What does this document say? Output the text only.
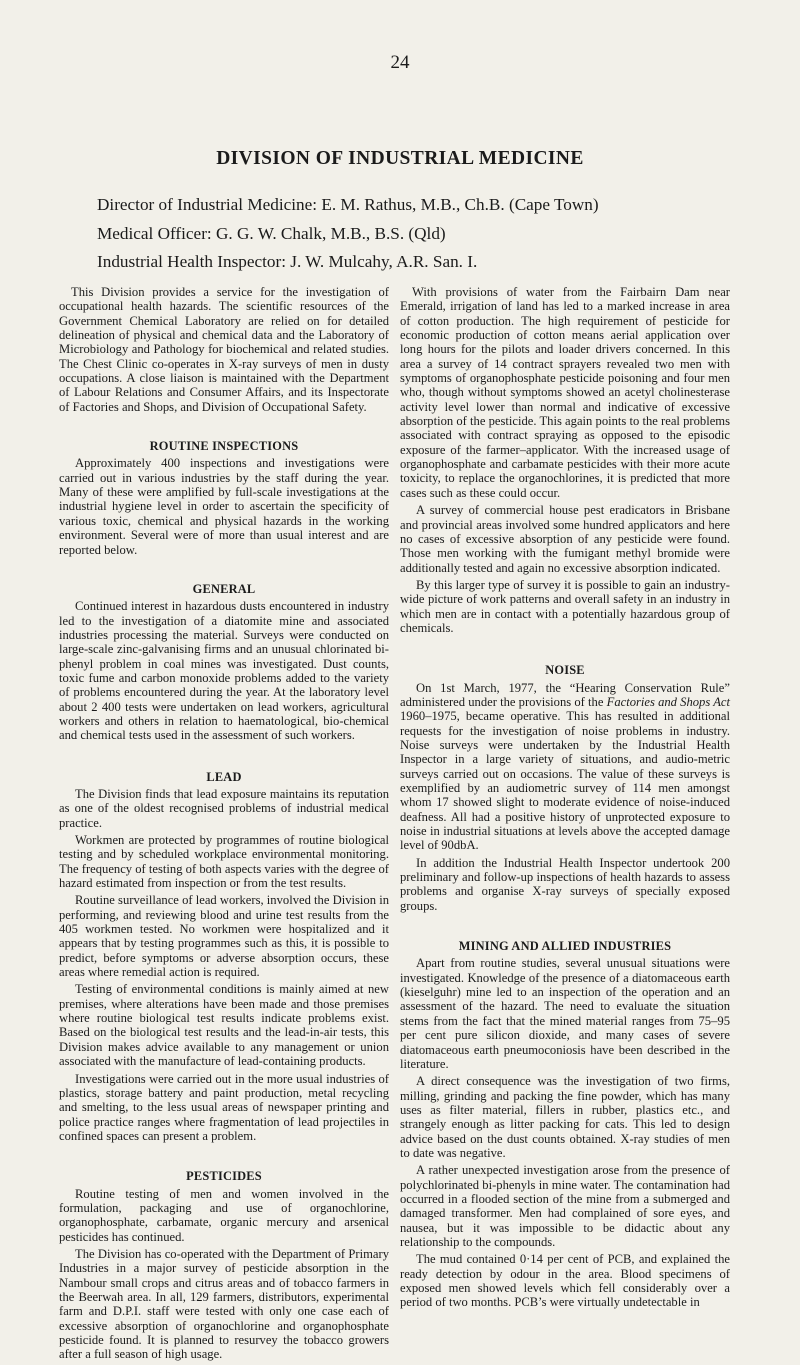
24
DIVISION OF INDUSTRIAL MEDICINE
Director of Industrial Medicine: E. M. Rathus, M.B., Ch.B. (Cape Town)
Medical Officer: G. G. W. Chalk, M.B., B.S. (Qld)
Industrial Health Inspector: J. W. Mulcahy, A.R. San. I.

This Division provides a service for the investigation of occupational health hazards. The scientific resources of the Government Chemical Laboratory are relied on for detailed delineation of physical and chemical data and the Laboratory of Microbiology and Pathology for biochemical and related studies. The Chest Clinic co-operates in X-ray surveys of men in dusty occupations. A close liaison is maintained with the Department of Labour Relations and Consumer Affairs, and its Inspectorate of Factories and Shops, and Division of Occupational Safety.

ROUTINE INSPECTIONS

Approximately 400 inspections and investigations were carried out in various industries by the staff during the year. Many of these were amplified by full-scale investigations at the industrial hygiene level in order to ascertain the specificity of various toxic, chemical and physical hazards in the working environment. Several were of more than usual interest and are reported below.

GENERAL

Continued interest in hazardous dusts encountered in industry led to the investigation of a diatomite mine and associated industries processing the material. Surveys were conducted on large-scale zinc-galvanising firms and an unusual chlorinated bi-phenyl problem in coal mines was investigated. Dust counts, toxic fume and carbon monoxide problems added to the variety of problems encountered during the year. At the laboratory level about 2 400 tests were undertaken on lead workers, agricultural workers and others in relation to haematological, bio-chemical and chemical tests used in the assessment of such workers.

LEAD

The Division finds that lead exposure maintains its reputation as one of the oldest recognised problems of industrial medical practice.

Workmen are protected by programmes of routine biological testing and by scheduled workplace environmental monitoring. The frequency of testing of both aspects varies with the degree of hazard estimated from inspection or from the test results.

Routine surveillance of lead workers, involved the Division in performing, and reviewing blood and urine test results from the 405 workmen tested. No workmen were hospitalized and it appears that by testing programmes such as this, it is possible to predict, before symptoms or adverse absorption occurs, these areas where remedial action is required.

Testing of environmental conditions is mainly aimed at new premises, where alterations have been made and those premises where routine biological test results indicate problems exist. Based on the biological test results and the lead-in-air tests, this Division makes advice available to any management or union associated with the manufacture of lead-containing products.

Investigations were carried out in the more usual industries of plastics, storage battery and paint production, metal recycling and smelting, to the less usual areas of newspaper printing and police practice ranges where fragmentation of lead projectiles in confined spaces can present a problem.

PESTICIDES

Routine testing of men and women involved in the formulation, packaging and use of organochlorine, organophosphate, carbamate, organic mercury and arsenical pesticides has continued.

The Division has co-operated with the Department of Primary Industries in a major survey of pesticide absorption in the Nambour small crops and citrus areas and of tobacco farmers in the Beerwah area. In all, 129 farmers, distributors, experimental farm and D.P.I. staff were tested with only one case each of excessive absorption of organochlorine and organophosphate pesticide found. It is planned to resurvey the tobacco growers after a full season of high usage.

With provisions of water from the Fairbairn Dam near Emerald, irrigation of land has led to a marked increase in area of cotton production. The high requirement of pesticide for economic production of cotton means aerial application over long hours for the pilots and loader drivers concerned. In this area a survey of 14 contract sprayers revealed two men with symptoms of organophosphate pesticide poisoning and four men who, though without symptoms showed an acetyl cholinesterase activity level lower than normal and indicative of excessive absorption of the pesticide. This again points to the real problems associated with contract spraying as opposed to the episodic exposure of the farmer–applicator. With the increased usage of organophosphate and carbamate pesticides with their more acute toxicity, to replace the organochlorines, it is predicted that more cases such as these could occur.

A survey of commercial house pest eradicators in Brisbane and provincial areas involved some hundred applicators and here no cases of excessive absorption of any pesticide were found. Those men working with the fumigant methyl bromide were additionally tested and again no excessive absorption indicated.

By this larger type of survey it is possible to gain an industry-wide picture of work patterns and overall safety in an industry in which men are in contact with a potentially hazardous group of chemicals.

NOISE

On 1st March, 1977, the “Hearing Conservation Rule” administered under the provisions of the Factories and Shops Act 1960–1975, became operative. This has resulted in additional requests for the investigation of noise problems in industry. Noise surveys were undertaken by the Industrial Health Inspector in a large variety of situations, and audio-metric surveys carried out on occasions. The value of these surveys is exemplified by an audiometric survey of 114 men amongst whom 17 showed slight to moderate evidence of noise-induced deafness. All had a positive history of unprotected exposure to noise in industrial situations at levels above the accepted damage level of 90dbA.

In addition the Industrial Health Inspector undertook 200 preliminary and follow-up inspections of health hazards to assess problems and organise X-ray surveys of specially exposed groups.

MINING AND ALLIED INDUSTRIES

Apart from routine studies, several unusual situations were investigated. Knowledge of the presence of a diatomaceous earth (kieselguhr) mine led to an inspection of the operation and an assessment of the hazard. The need to evaluate the situation stems from the fact that the mined material ranges from 75–95 per cent pure silicon dioxide, and many cases of severe diatomaceous earth pneumoconiosis have been described in the literature.

A direct consequence was the investigation of two firms, milling, grinding and packing the fine powder, which has many uses as filter material, fillers in rubber, plastics etc., and strangely enough as litter packing for cats. This led to design advice based on the dust counts obtained. X-ray studies of men to date was negative.

A rather unexpected investigation arose from the presence of polychlorinated bi-phenyls in mine water. The contamination had occurred in a flooded section of the mine from a submerged and damaged transformer. Men had complained of sore eyes, and nausea, but it was impossible to be didactic about any relationship to the compounds.

The mud contained 0·14 per cent of PCB, and explained the ready detection by odour in the area. Blood specimens of exposed men showed levels which fell considerably over a period of two months. PCB’s were virtually undetectable in
